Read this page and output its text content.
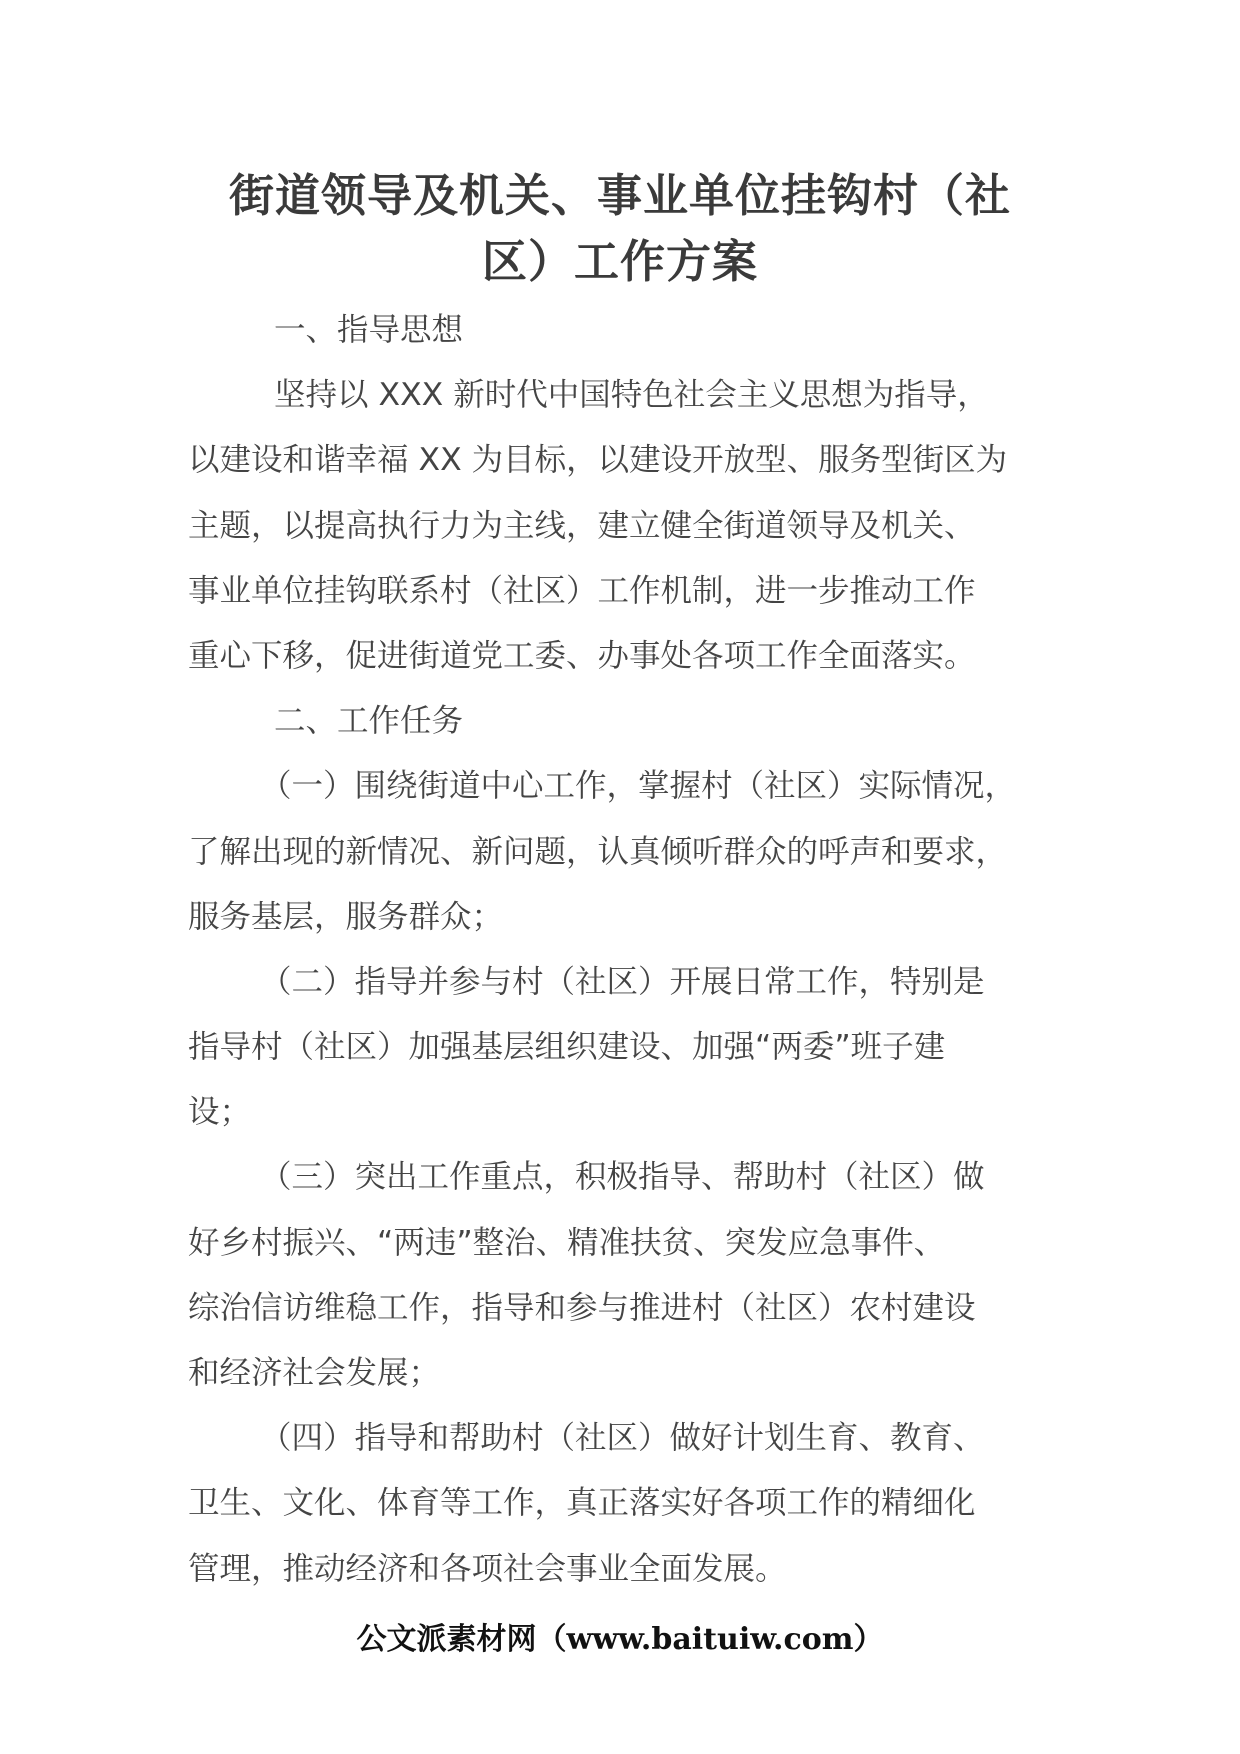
街道领导及机关、事业单位挂钩村（社
区）工作方案
一、指导思想
坚持以 XXX 新时代中国特色社会主义思想为指导，
以建设和谐幸福 XX 为目标，以建设开放型、服务型街区为
主题，以提高执行力为主线，建立健全街道领导及机关、
事业单位挂钩联系村（社区）工作机制，进一步推动工作
重心下移，促进街道党工委、办事处各项工作全面落实。
二、工作任务
（一）围绕街道中心工作，掌握村（社区）实际情况，
了解出现的新情况、新问题，认真倾听群众的呼声和要求，
服务基层，服务群众；
（二）指导并参与村（社区）开展日常工作，特别是
指导村（社区）加强基层组织建设、加强“两委”班子建
设；
（三）突出工作重点，积极指导、帮助村（社区）做
好乡村振兴、“两违”整治、精准扶贫、突发应急事件、
综治信访维稳工作，指导和参与推进村（社区）农村建设
和经济社会发展；
（四）指导和帮助村（社区）做好计划生育、教育、
卫生、文化、体育等工作，真正落实好各项工作的精细化
管理，推动经济和各项社会事业全面发展。
公文派素材网（www.baituiw.com）
